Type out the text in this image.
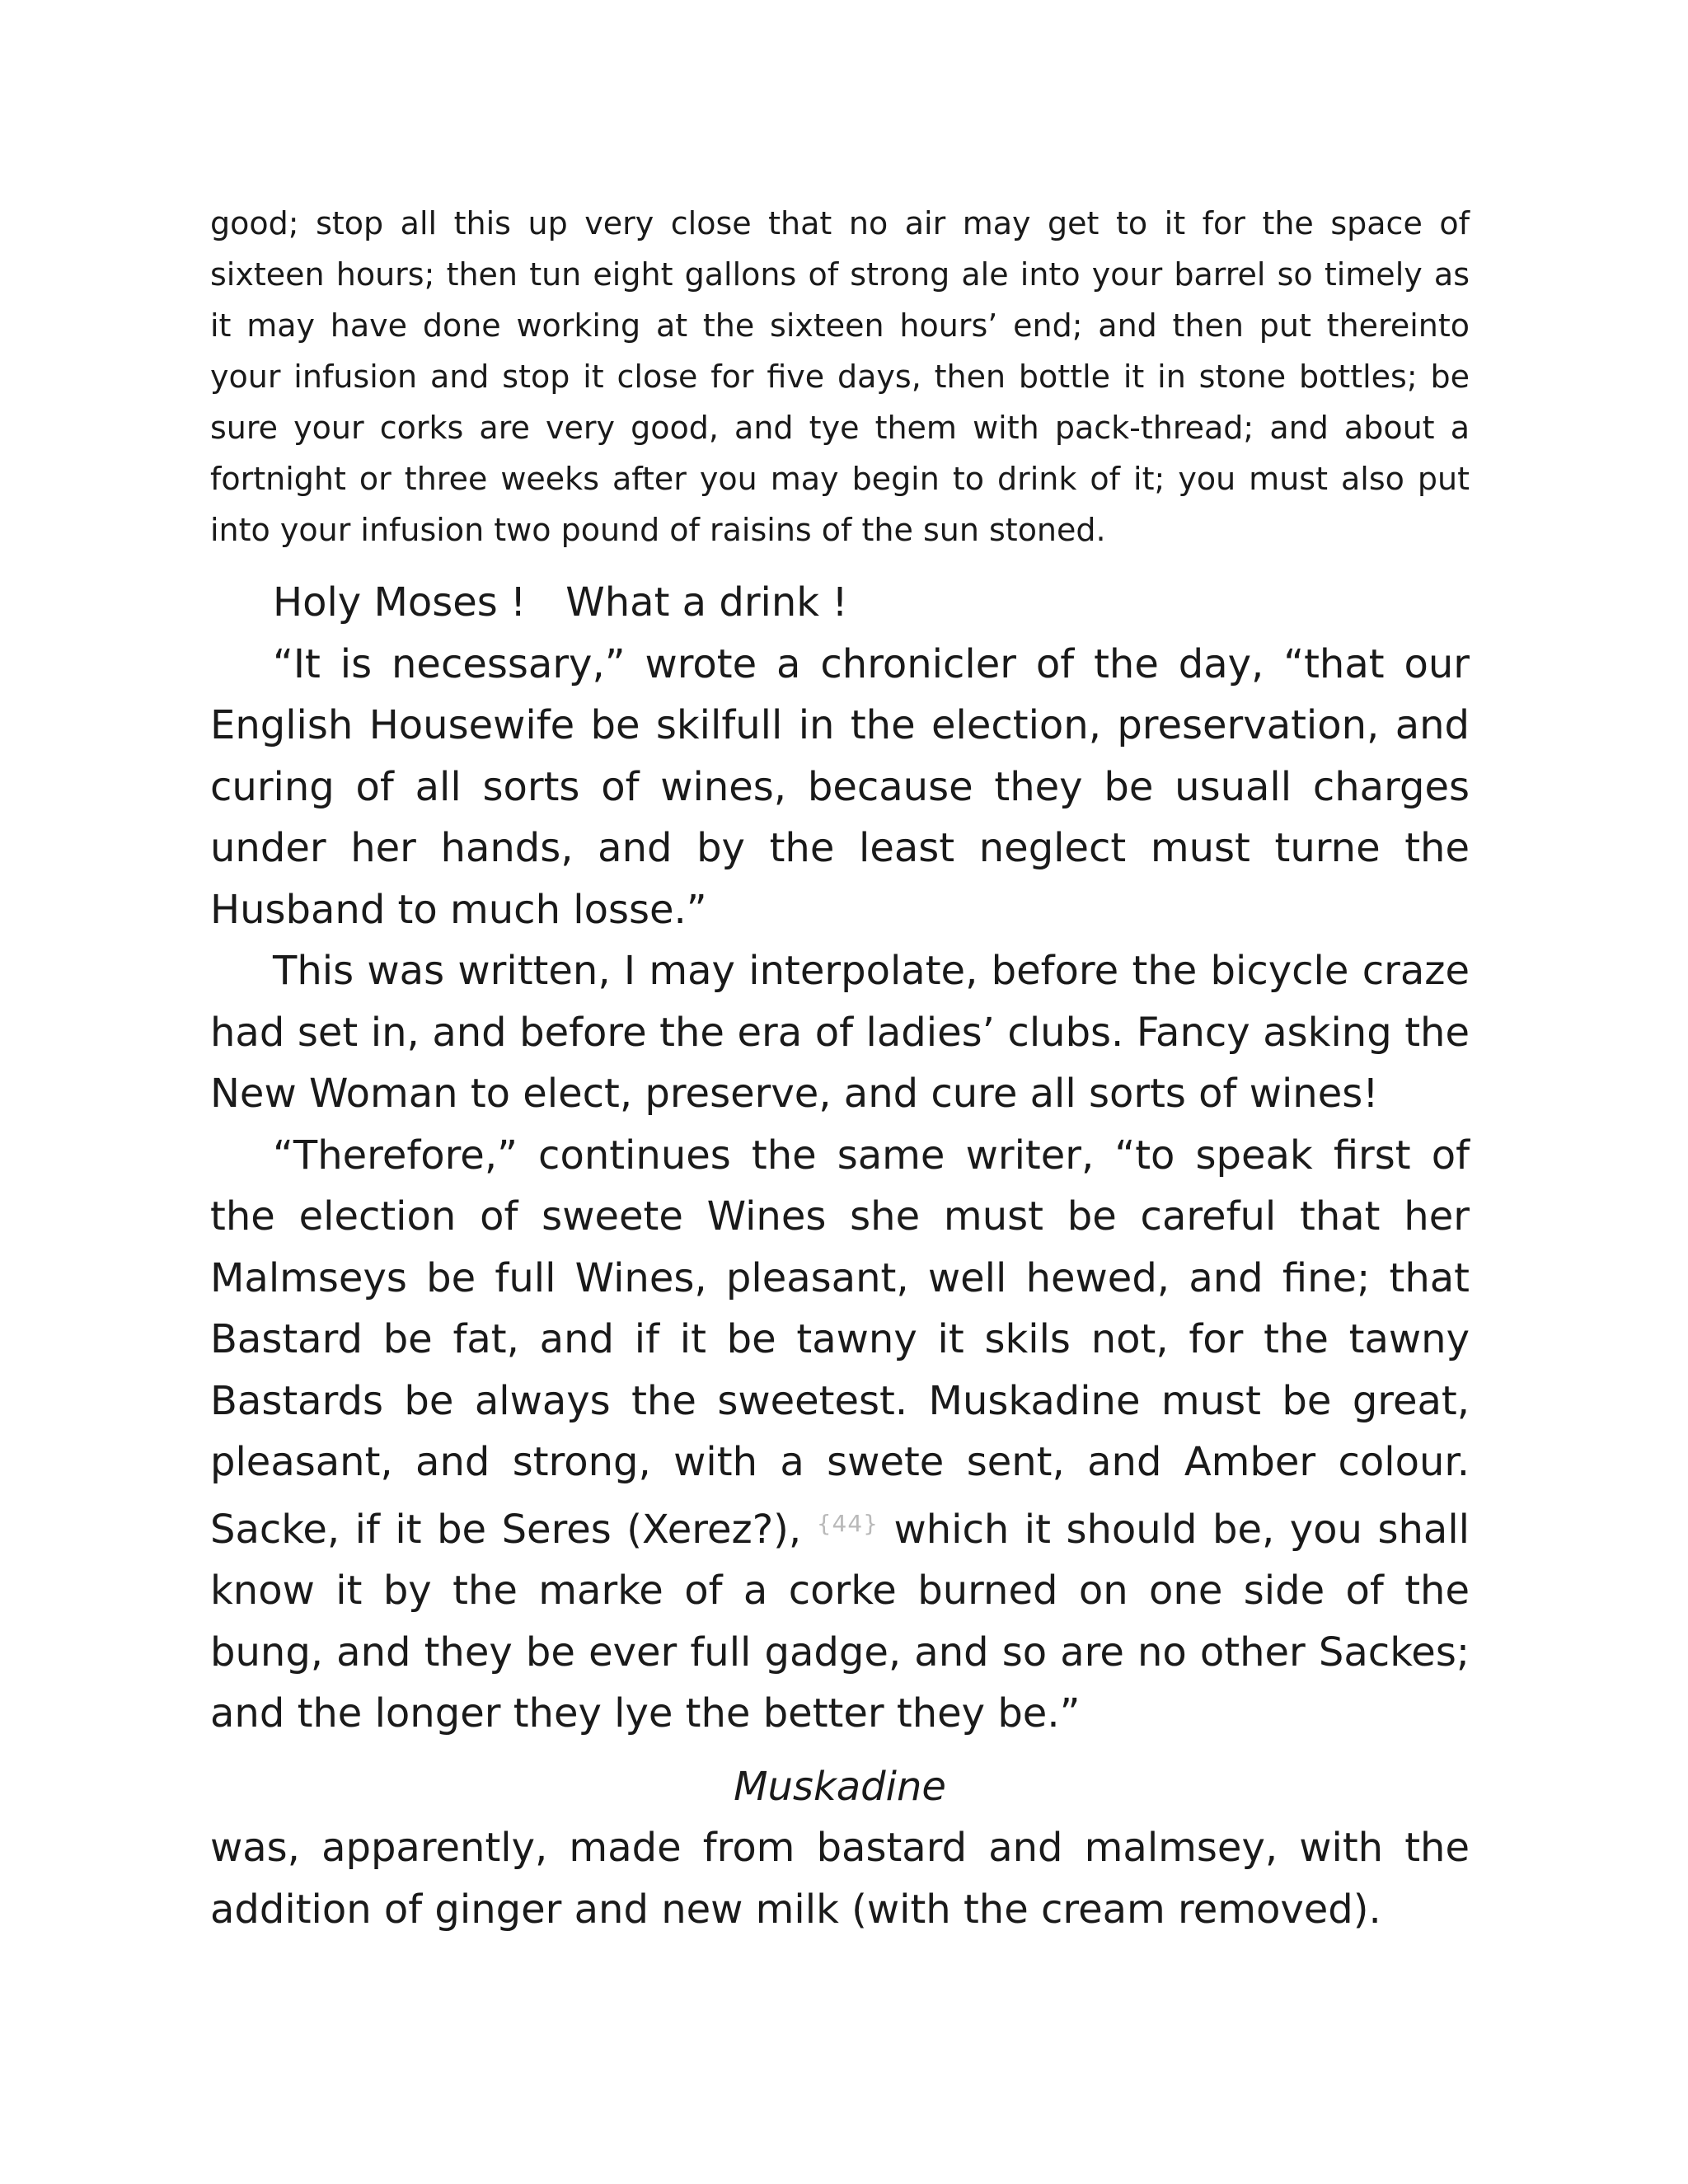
good; stop all this up very close that no air may get to it for the space of sixteen hours; then tun eight gallons of strong ale into your barrel so timely as it may have done working at the sixteen hours’ end; and then put thereinto your infusion and stop it close for five days, then bottle it in stone bottles; be sure your corks are very good, and tye them with pack-thread; and about a fortnight or three weeks after you may begin to drink of it; you must also put into your infusion two pound of raisins of the sun stoned.

Holy Moses ! What a drink !

“It is necessary,” wrote a chronicler of the day, “that our English Housewife be skilfull in the election, preservation, and curing of all sorts of wines, because they be usuall charges under her hands, and by the least neglect must turne the Husband to much losse.”

This was written, I may interpolate, before the bicycle craze had set in, and before the era of ladies’ clubs. Fancy asking the New Woman to elect, preserve, and cure all sorts of wines!

“Therefore,” continues the same writer, “to speak first of the election of sweete Wines she must be careful that her Malmseys be full Wines, pleasant, well hewed, and fine; that Bastard be fat, and if it be tawny it skils not, for the tawny Bastards be always the sweetest. Muskadine must be great, pleasant, and strong, with a swete sent, and Amber colour. Sacke, if it be Seres (Xerez?), $^{\{44\}}$ which it should be, you shall know it by the marke of a corke burned on one side of the bung, and they be ever full gadge, and so are no other Sackes; and the longer they lye the better they be.”

Muskadine

was, apparently, made from bastard and malmsey, with the addition of ginger and new milk (with the cream removed).
